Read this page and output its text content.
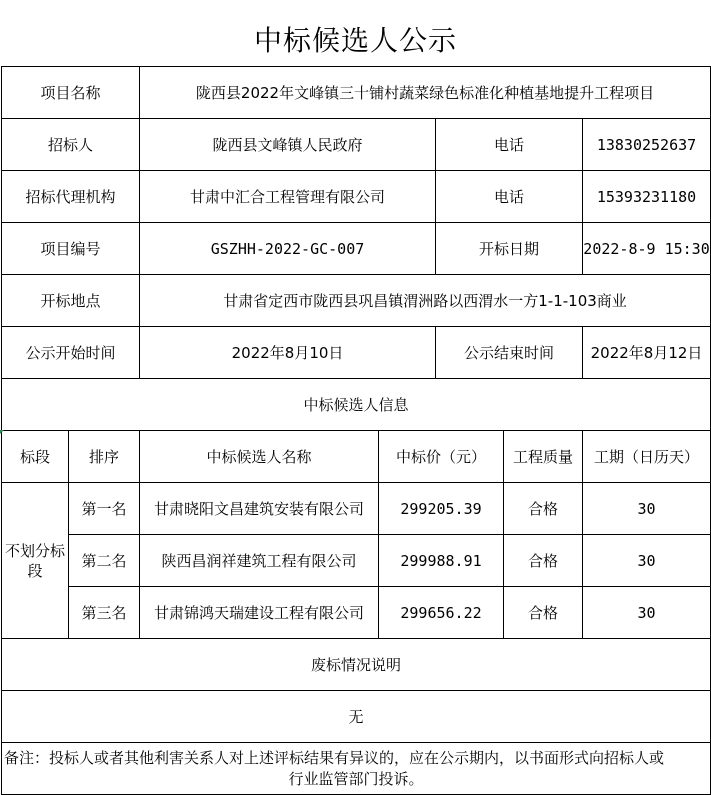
中标候选人公示
项目名称		陇西县2022年文峰镇三十铺村蔬菜绿色标准化种植基地提升工程项目				
招标人		陇西县文峰镇人民政府		电话		13830252637
招标代理机构		甘肃中汇合工程管理有限公司		电话		15393231180
项目编号		GSZHH-2022-GC-007		开标日期		2022-8-9 15:30
开标地点		甘肃省定西市陇西县巩昌镇渭洲路以西渭水一方1-1-103商业				
公示开始时间		2022年8月10日		公示结束时间		2022年8月12日
中标候选人信息						
标段	排序	中标候选人名称	中标价（元）		工程质量	工期（日历天）
不划分标段	第一名	甘肃晓阳文昌建筑安装有限公司	299205.39		合格	30
	第二名	陕西昌润祥建筑工程有限公司	299988.91		合格	30
	第三名	甘肃锦鸿天瑞建设工程有限公司	299656.22		合格	30
废标情况说明						
无						
备注：投标人或者其他利害关系人对上述评标结果有异议的，应在公示期内，以书面形式向招标人或
行业监管部门投诉。						
